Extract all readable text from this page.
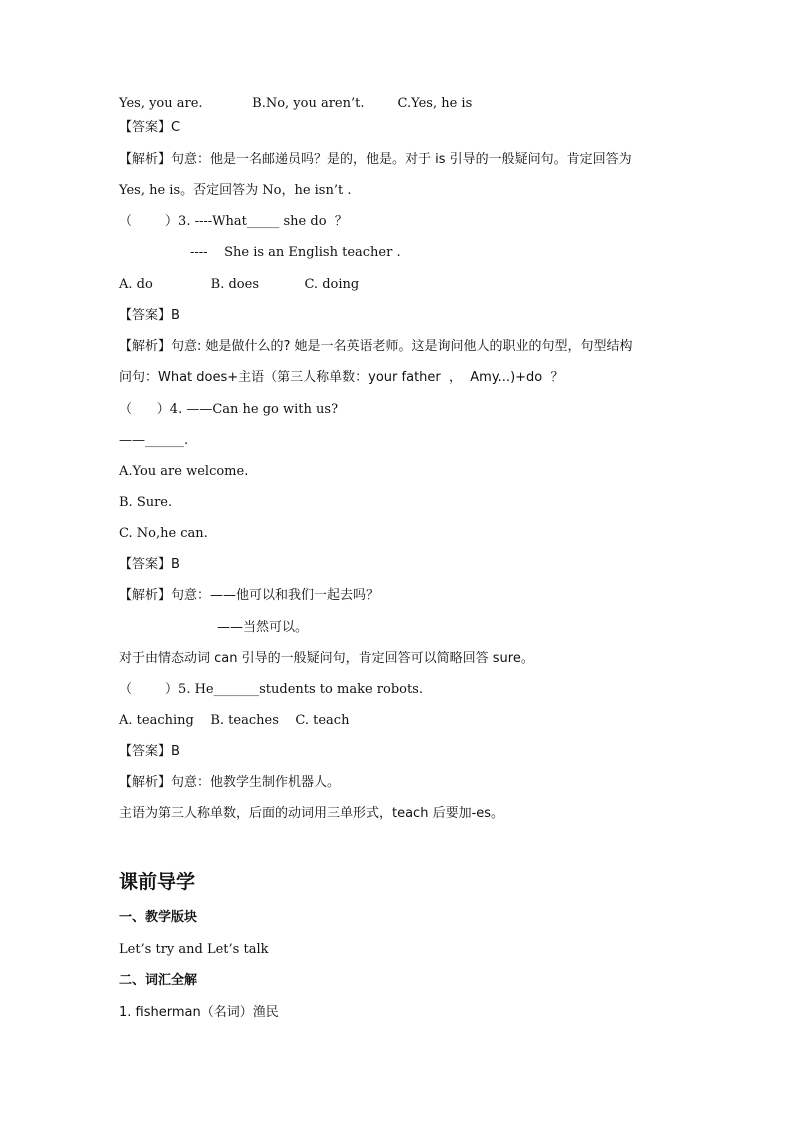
Yes, you are.            B.No, you aren’t.        C.Yes, he is
【答案】C
【解析】句意：他是一名邮递员吗？是的，他是。对于 is 引导的一般疑问句。肯定回答为
Yes, he is。否定回答为 No，he isn’t .
（        ）3. ----What_____ she do  ？
----    She is an English teacher .
A. do              B. does           C. doing
【答案】B
【解析】句意: 她是做什么的? 她是一名英语老师。这是询问他人的职业的句型，句型结构
问句：What does+主语（第三人称单数：your father  ，  Amy...)+do  ？
（      ）4. ——Can he go with us?
——______.
A.You are welcome.
B. Sure.
C. No,he can.
【答案】B
【解析】句意：——他可以和我们一起去吗？
——当然可以。
对于由情态动词 can 引导的一般疑问句，肯定回答可以简略回答 sure。
（        ）5. He_______students to make robots.
A. teaching    B. teaches    C. teach
【答案】B
【解析】句意：他教学生制作机器人。
主语为第三人称单数，后面的动词用三单形式，teach 后要加-es。
课前导学
一、教学版块
Let’s try and Let’s talk
二、词汇全解
1. fisherman（名词）渔民
